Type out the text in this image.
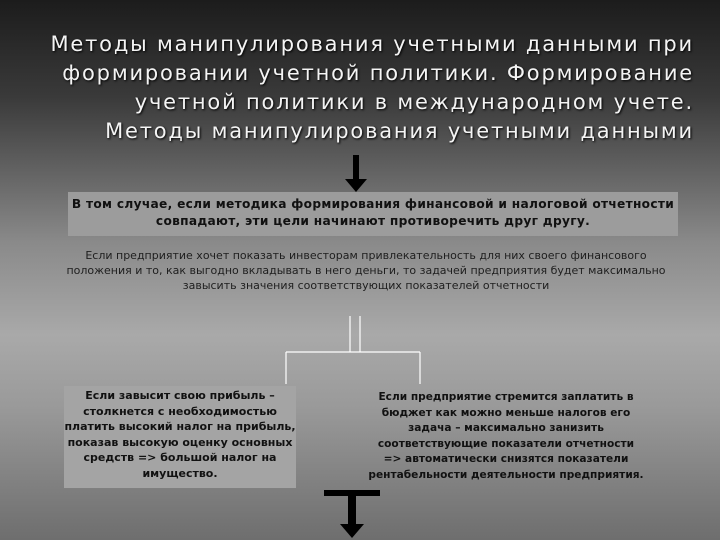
Методы манипулирования учетными данными при формировании учетной политики. Формирование учетной политики в международном учете. Методы манипулирования учетными данными
В том случае, если методика формирования финансовой и налоговой отчетности совпадают, эти цели начинают противоречить друг другу.
Если предприятие хочет показать инвесторам привлекательность для них своего финансового положения и то, как выгодно вкладывать в него деньги, то задачей предприятия будет максимально завысить значения соответствующих показателей отчетности
Если завысит свою прибыль – столкнется с необходимостью платить высокий налог на прибыль, показав высокую оценку основных средств => большой налог на имущество.
Если предприятие стремится заплатить в бюджет как можно меньше налогов его задача – максимально занизить соответствующие показатели отчетности => автоматически снизятся показатели рентабельности деятельности предприятия.
